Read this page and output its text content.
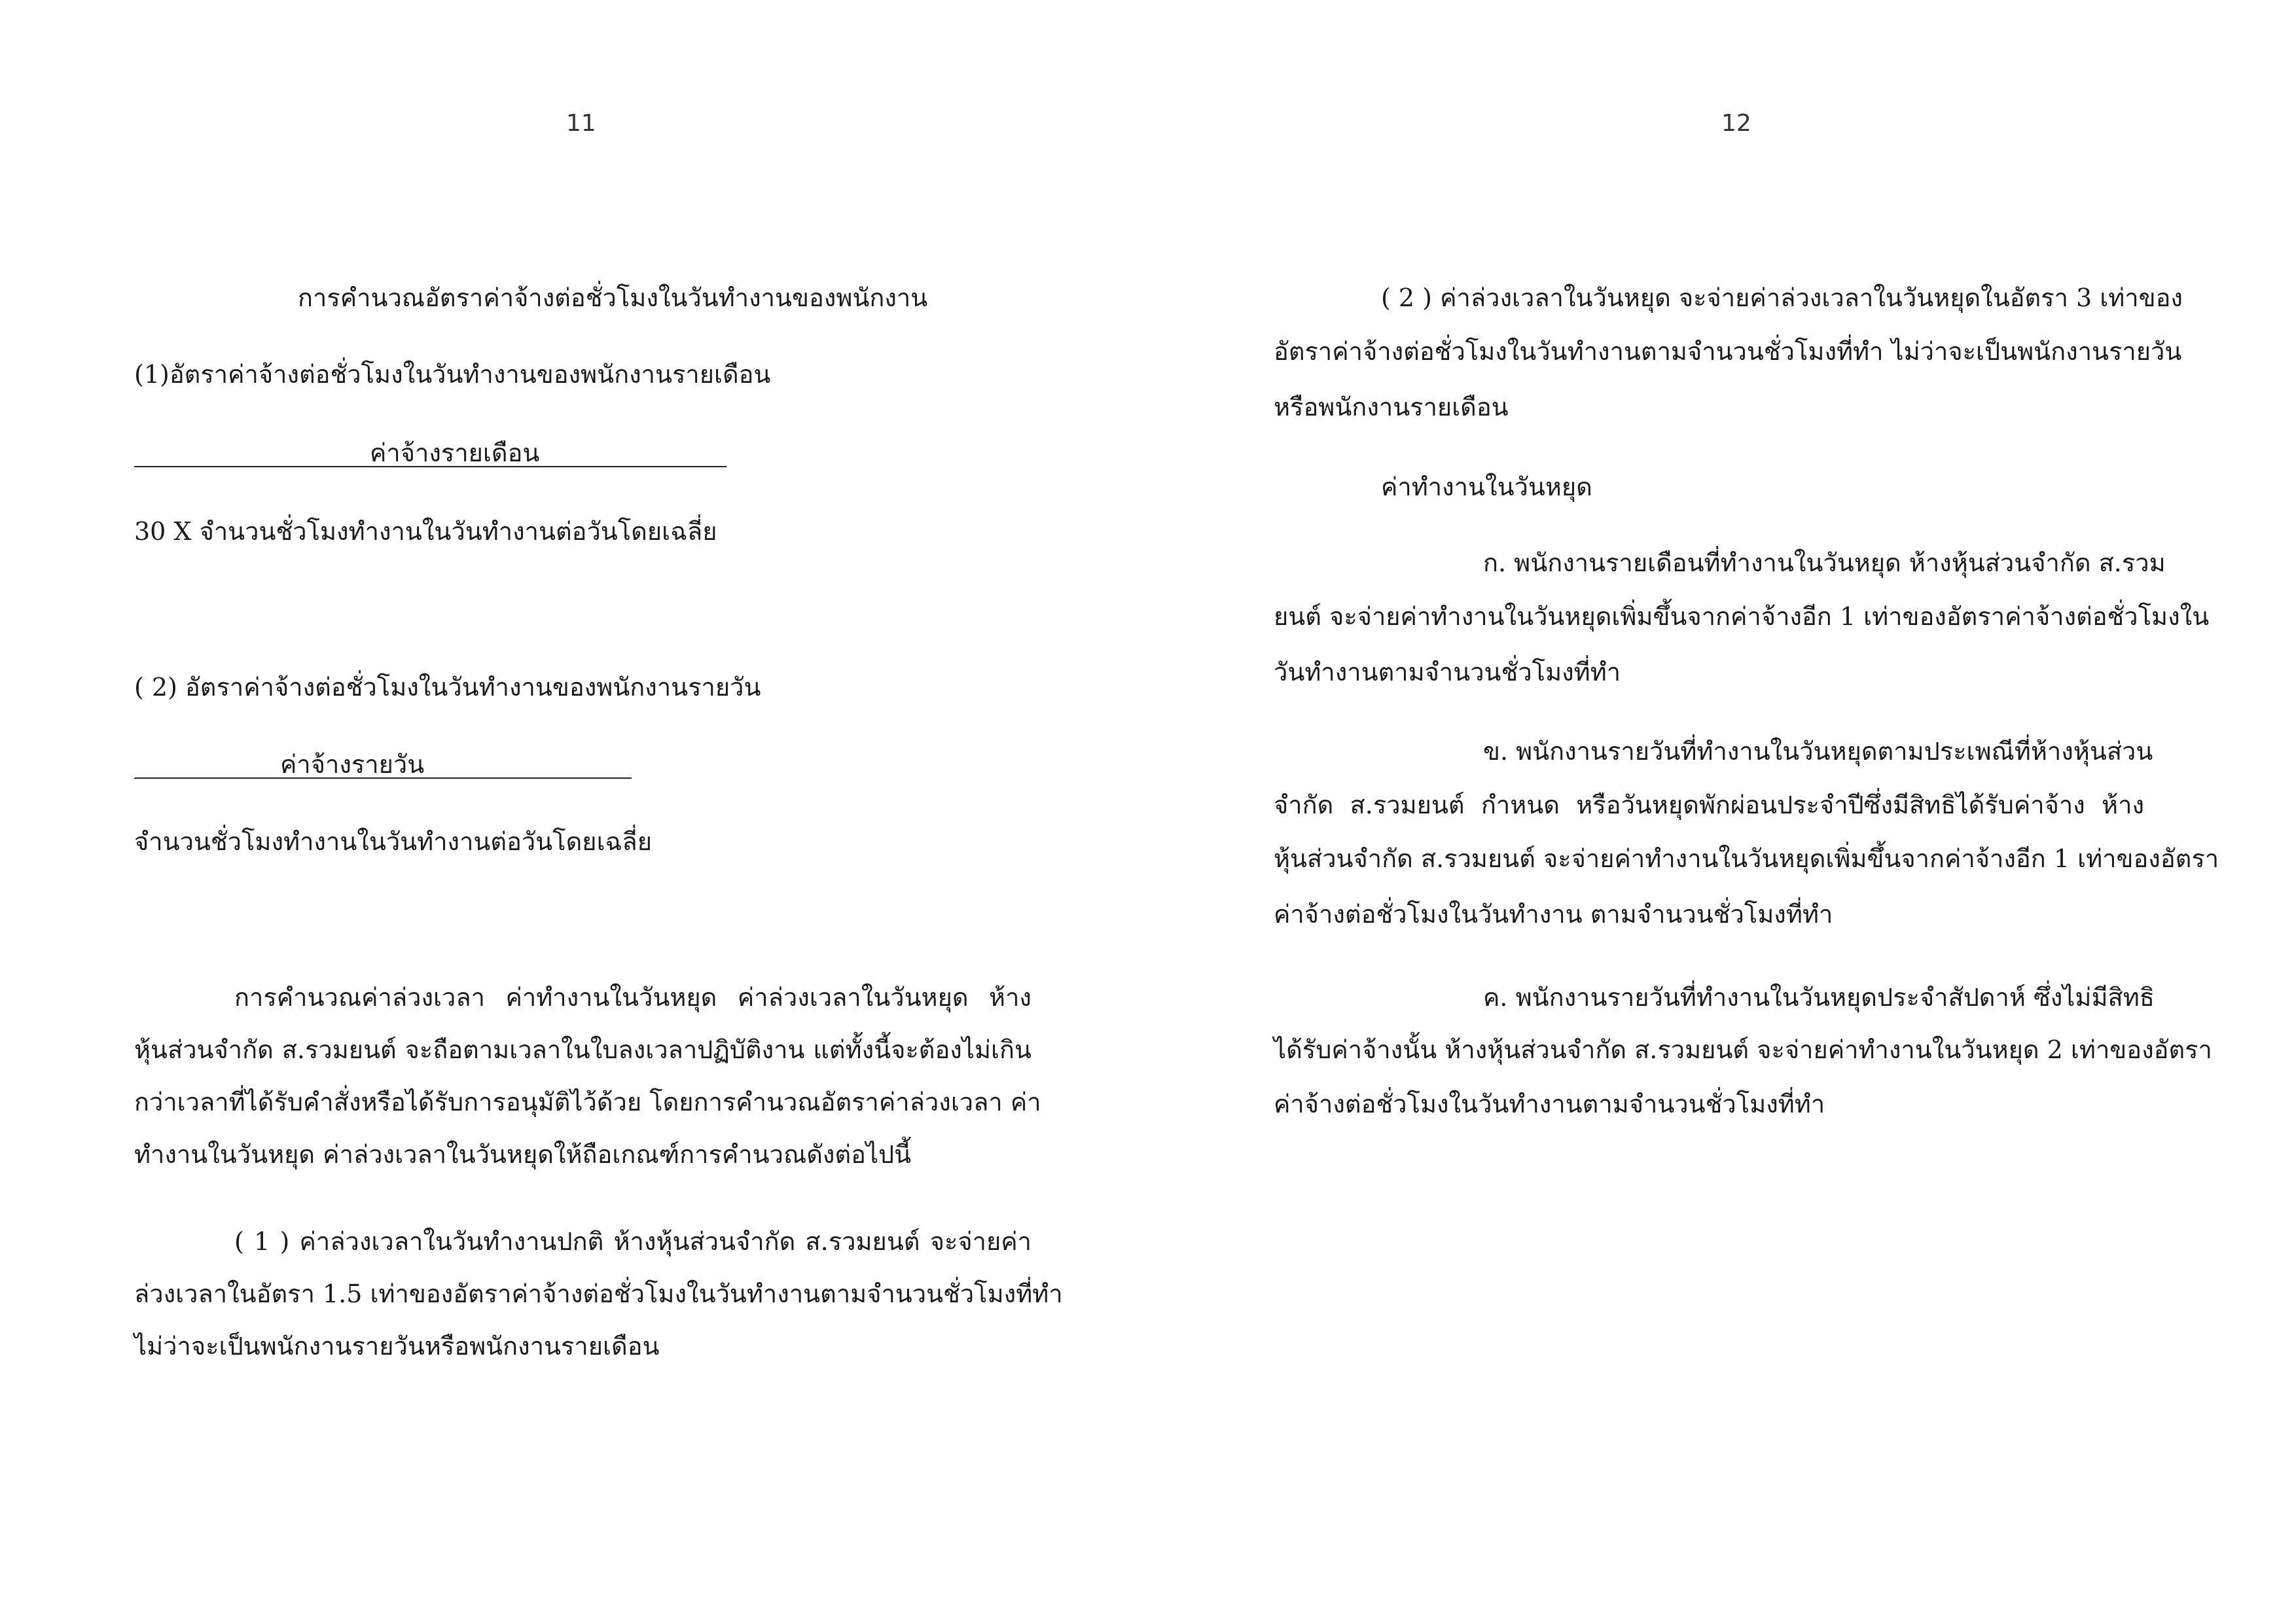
11

การคำนวณอัตราค่าจ้างต่อชั่วโมงในวันทำงานของพนักงาน

(1)อัตราค่าจ้างต่อชั่วโมงในวันทำงานของพนักงานรายเดือน

ค่าจ้างรายเดือน

30 X จำนวนชั่วโมงทำงานในวันทำงานต่อวันโดยเฉลี่ย

( 2) อัตราค่าจ้างต่อชั่วโมงในวันทำงานของพนักงานรายวัน

ค่าจ้างรายวัน

จำนวนชั่วโมงทำงานในวันทำงานต่อวันโดยเฉลี่ย

การคำนวณค่าล่วงเวลา ค่าทำงานในวันหยุด ค่าล่วงเวลาในวันหยุด ห้าง

หุ้นส่วนจำกัด ส.รวมยนต์ จะถือตามเวลาในใบลงเวลาปฏิบัติงาน แต่ทั้งนี้จะต้องไม่เกิน

กว่าเวลาที่ได้รับคำสั่งหรือได้รับการอนุมัติไว้ด้วย โดยการคำนวณอัตราค่าล่วงเวลา ค่า

ทำงานในวันหยุด ค่าล่วงเวลาในวันหยุดให้ถือเกณฑ์การคำนวณดังต่อไปนี้

( 1 ) ค่าล่วงเวลาในวันทำงานปกติ ห้างหุ้นส่วนจำกัด ส.รวมยนต์ จะจ่ายค่า

ล่วงเวลาในอัตรา 1.5 เท่าของอัตราค่าจ้างต่อชั่วโมงในวันทำงานตามจำนวนชั่วโมงที่ทำ

ไม่ว่าจะเป็นพนักงานรายวันหรือพนักงานรายเดือน

12

( 2 ) ค่าล่วงเวลาในวันหยุด จะจ่ายค่าล่วงเวลาในวันหยุดในอัตรา 3 เท่าของ

อัตราค่าจ้างต่อชั่วโมงในวันทำงานตามจำนวนชั่วโมงที่ทำ ไม่ว่าจะเป็นพนักงานรายวัน

หรือพนักงานรายเดือน

ค่าทำงานในวันหยุด

ก. พนักงานรายเดือนที่ทำงานในวันหยุด ห้างหุ้นส่วนจำกัด ส.รวม

ยนต์ จะจ่ายค่าทำงานในวันหยุดเพิ่มขึ้นจากค่าจ้างอีก 1 เท่าของอัตราค่าจ้างต่อชั่วโมงใน

วันทำงานตามจำนวนชั่วโมงที่ทำ

ข. พนักงานรายวันที่ทำงานในวันหยุดตามประเพณีที่ห้างหุ้นส่วน

จำกัด ส.รวมยนต์ กำหนด หรือวันหยุดพักผ่อนประจำปีซึ่งมีสิทธิได้รับค่าจ้าง ห้าง

หุ้นส่วนจำกัด ส.รวมยนต์ จะจ่ายค่าทำงานในวันหยุดเพิ่มขึ้นจากค่าจ้างอีก 1 เท่าของอัตรา

ค่าจ้างต่อชั่วโมงในวันทำงาน ตามจำนวนชั่วโมงที่ทำ

ค. พนักงานรายวันที่ทำงานในวันหยุดประจำสัปดาห์ ซึ่งไม่มีสิทธิ

ได้รับค่าจ้างนั้น ห้างหุ้นส่วนจำกัด ส.รวมยนต์ จะจ่ายค่าทำงานในวันหยุด 2 เท่าของอัตรา

ค่าจ้างต่อชั่วโมงในวันทำงานตามจำนวนชั่วโมงที่ทำ
